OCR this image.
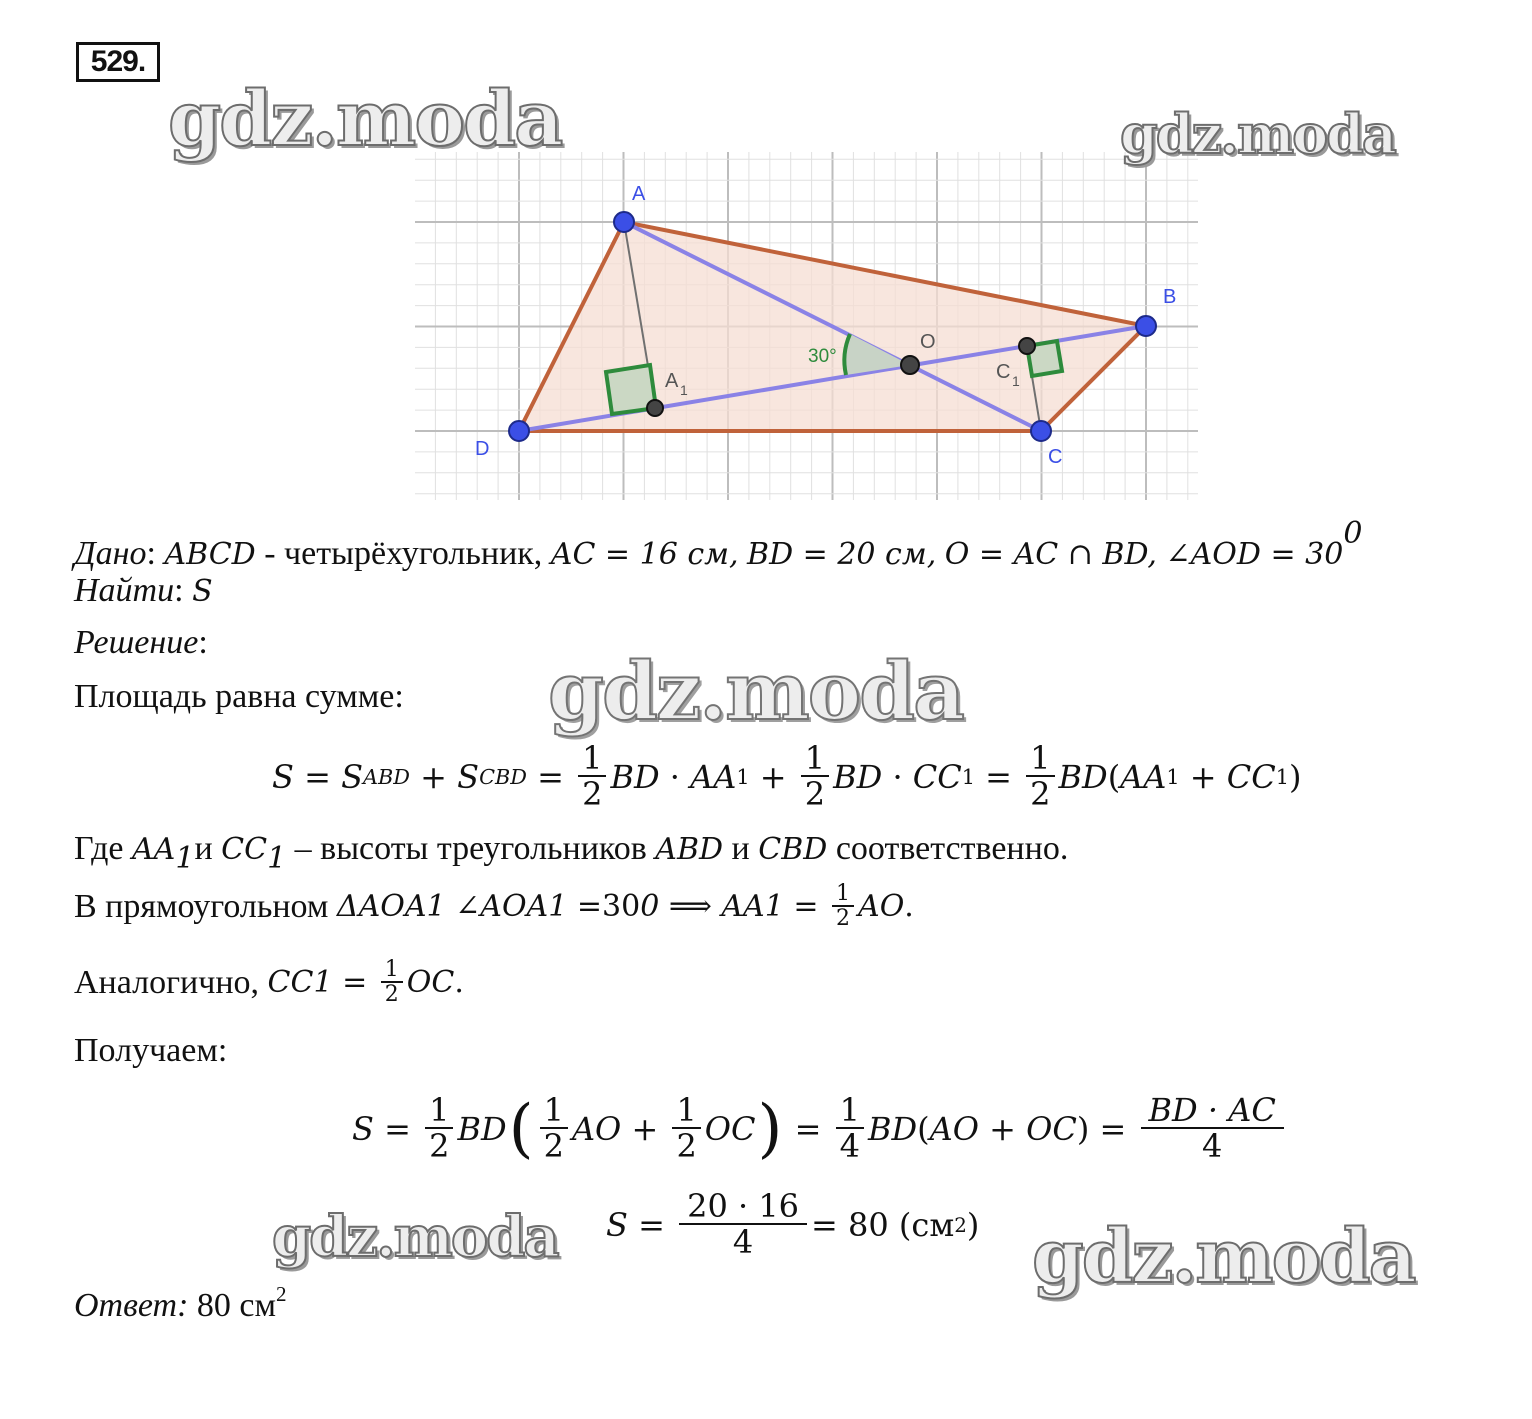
529.
A
B
C
D
O
A 1
C 1
30°
gdz.moda	gdz.moda
gdz.moda
gdz.moda	gdz.moda
Дано: ABCD - четырёхугольник, AC = 16 см, BD = 20 см, O = AC ∩ BD, ∠AOD = $30^0$
Найти: S
Решение:
Площадь равна сумме:
S = S ABD + S CBD = $\frac{1}{2}$ BD · AA $1 + \frac{1}{2}$ BD · CC $1 = \frac{1}{2}$ BD ( AA 1 + CC 1 )
Где $AA_1и$ $CC_1$ – высоты треугольников ABD и CBD соответственно.
В прямоугольном ΔAOA 1
∠AOA 1 = 30 0 ⟹ AA $1 = \frac{1}{2}$ AO .
Аналогично, CC $1 = \frac{1}{2}$ OC .
Получаем:
$S = \frac{1}{2}$ BD ( $\frac{1}{2}$ AO + $\frac{1}{2}$ OC ) = $\frac{1}{4}$ BD ( AO + OC ) = $\frac{BD \cdot AC}{4}$
$S = \frac{20 \cdot 16}{4} = 80$ (см 2 )
Ответ: 80 $см^2$
